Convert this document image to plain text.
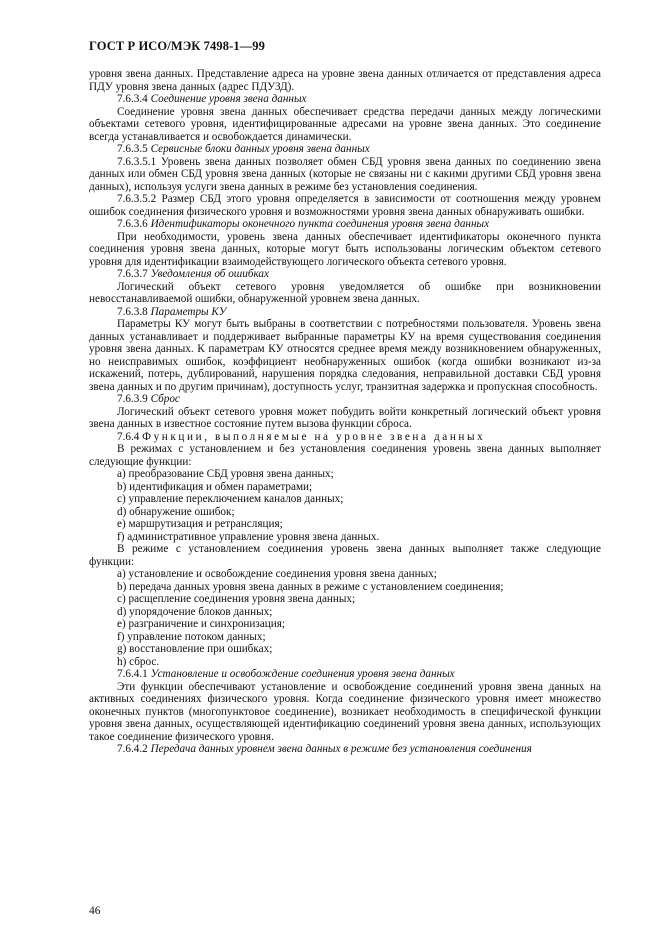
ГОСТ Р ИСО/МЭК 7498-1—99

уровня звена данных. Представление адреса на уровне звена данных отличается от представления адреса ПДУ уровня звена данных (адрес ПДУЗД).

7.6.3.4 Соединение уровня звена данных

Соединение уровня звена данных обеспечивает средства передачи данных между логическими объектами сетевого уровня, идентифицированные адресами на уровне звена данных. Это соединение всегда устанавливается и освобождается динамически.

7.6.3.5 Сервисные блоки данных уровня звена данных

7.6.3.5.1 Уровень звена данных позволяет обмен СБД уровня звена данных по соединению звена данных или обмен СБД уровня звена данных (которые не связаны ни с какими другими СБД уровня звена данных), используя услуги звена данных в режиме без установления соединения.

7.6.3.5.2 Размер СБД этого уровня определяется в зависимости от соотношения между уровнем ошибок соединения физического уровня и возможностями уровня звена данных обнаруживать ошибки.

7.6.3.6 Идентификаторы оконечного пункта соединения уровня звена данных

При необходимости, уровень звена данных обеспечивает идентификаторы оконечного пункта соединения уровня звена данных, которые могут быть использованы логическим объектом сетевого уровня для идентификации взаимодействующего логического объекта сетевого уровня.

7.6.3.7 Уведомления об ошибках

Логический объект сетевого уровня уведомляется об ошибке при возникновении невосстанавливаемой ошибки, обнаруженной уровнем звена данных.

7.6.3.8 Параметры КУ

Параметры КУ могут быть выбраны в соответствии с потребностями пользователя. Уровень звена данных устанавливает и поддерживает выбранные параметры КУ на время существования соединения уровня звена данных. К параметрам КУ относятся среднее время между возникновением обнаруженных, но неисправимых ошибок, коэффициент необнаруженных ошибок (когда ошибки возникают из-за искажений, потерь, дублирований, нарушения порядка следования, неправильной доставки СБД уровня звена данных и по другим причинам), доступность услуг, транзитная задержка и пропускная способность.

7.6.3.9 Сброс

Логический объект сетевого уровня может побудить войти конкретный логический объект уровня звена данных в известное состояние путем вызова функции сброса.

7.6.4 Функции, выполняемые на уровне звена данных

В режимах с установлением и без установления соединения уровень звена данных выполняет следующие функции:

a) преобразование СБД уровня звена данных;

b) идентификация и обмен параметрами;

c) управление переключением каналов данных;

d) обнаружение ошибок;

e) маршрутизация и ретрансляция;

f) административное управление уровня звена данных.

В режиме с установлением соединения уровень звена данных выполняет также следующие функции:

a) установление и освобождение соединения уровня звена данных;

b) передача данных уровня звена данных в режиме с установлением соединения;

c) расщепление соединения уровня звена данных;

d) упорядочение блоков данных;

e) разграничение и синхронизация;

f) управление потоком данных;

g) восстановление при ошибках;

h) сброс.

7.6.4.1 Установление и освобождение соединения уровня звена данных

Эти функции обеспечивают установление и освобождение соединений уровня звена данных на активных соединениях физического уровня. Когда соединение физического уровня имеет множество оконечных пунктов (многопунктовое соединение), возникает необходимость в специфической функции уровня звена данных, осуществляющей идентификацию соединений уровня звена данных, использующих такое соединение физического уровня.

7.6.4.2 Передача данных уровнем звена данных в режиме без установления соединения

46
